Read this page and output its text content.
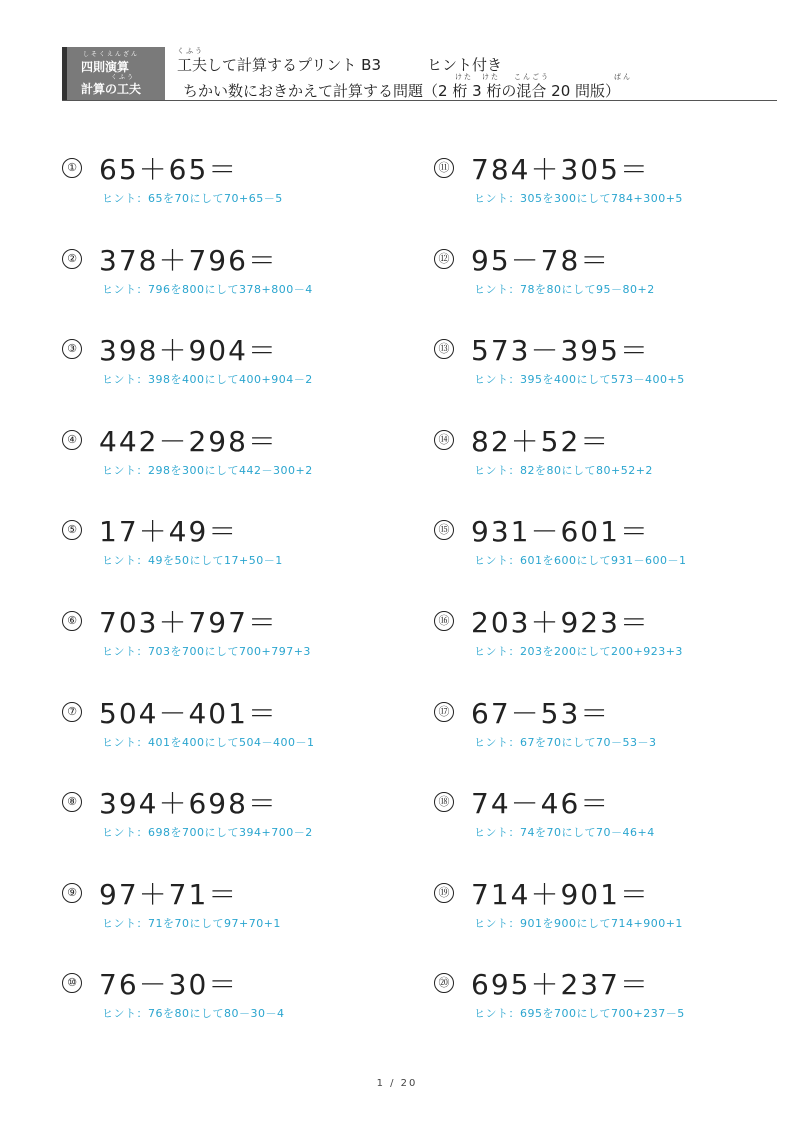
しそくえんざん
四則演算
くふう
計算の工夫
くふう
工夫して計算するプリント B3	ヒント付き
けた けた こんごう	ばん
ちかい数におきかえて計算する問題（2 桁 3 桁の混合 20 問版）
① 65＋65＝
ヒント：65を70にして70+65－5
② 378＋796＝
ヒント：796を800にして378+800－4
③ 398＋904＝
ヒント：398を400にして400+904－2
④ 442－298＝
ヒント：298を300にして442－300+2
⑤ 17＋49＝
ヒント：49を50にして17+50－1
⑥ 703＋797＝
ヒント：703を700にして700+797+3
⑦ 504－401＝
ヒント：401を400にして504－400－1
⑧ 394＋698＝
ヒント：698を700にして394+700－2
⑨ 97＋71＝
ヒント：71を70にして97+70+1
⑩ 76－30＝
ヒント：76を80にして80－30－4
⑪ 784＋305＝
ヒント：305を300にして784+300+5
⑫ 95－78＝
ヒント：78を80にして95－80+2
⑬ 573－395＝
ヒント：395を400にして573－400+5
⑭ 82＋52＝
ヒント：82を80にして80+52+2
⑮ 931－601＝
ヒント：601を600にして931－600－1
⑯ 203＋923＝
ヒント：203を200にして200+923+3
⑰ 67－53＝
ヒント：67を70にして70－53－3
⑱ 74－46＝
ヒント：74を70にして70－46+4
⑲ 714＋901＝
ヒント：901を900にして714+900+1
⑳ 695＋237＝
ヒント：695を700にして700+237－5
1 / 20
